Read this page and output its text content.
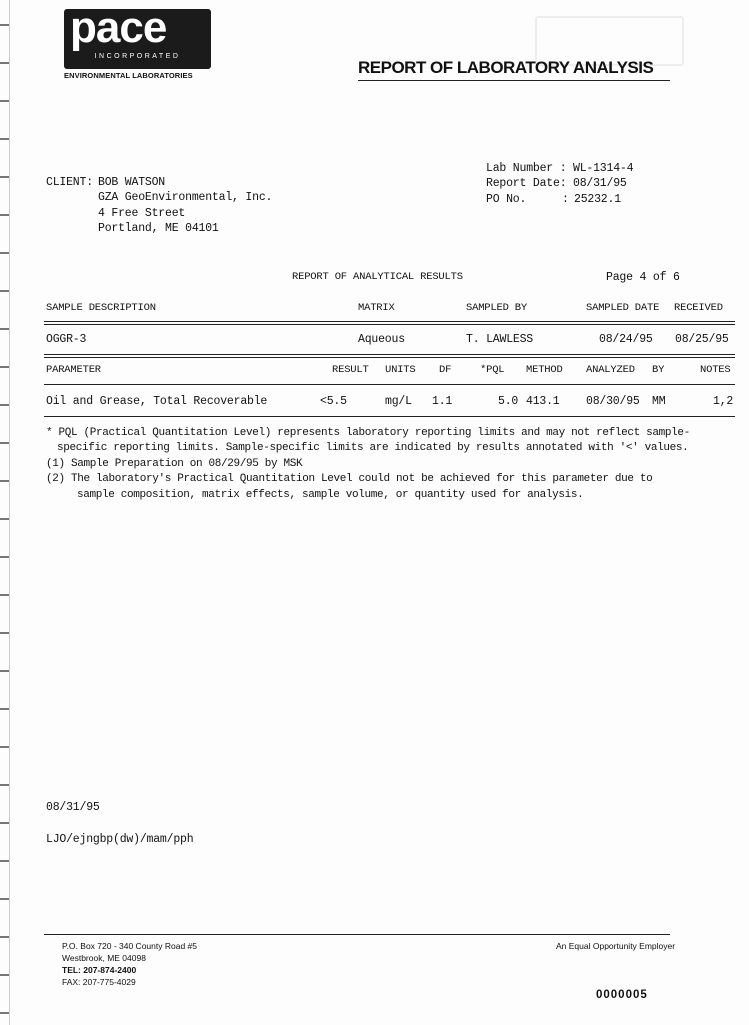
pace
INCORPORATED
ENVIRONMENTAL LABORATORIES	REPORT OF LABORATORY ANALYSIS
CLIENT: BOB WATSON
GZA GeoEnvironmental, Inc.
4 Free Street
Portland, ME 04101
Lab Number : WL-1314-4
Report Date: 08/31/95
PO No.	: 25232.1
REPORT OF ANALYTICAL RESULTS	Page 4 of 6
SAMPLE DESCRIPTION	MATRIX	SAMPLED BY	SAMPLED DATE RECEIVED
OGGR-3	Aqueous	T. LAWLESS	08/24/95 08/25/95
PARAMETER	RESULT UNITS DF	*PQL METHOD ANALYZED BY	NOTES
Oil and Grease, Total Recoverable	<5.5	mg/L 1.1	5.0 413.1 08/30/95 MM	1,2
* PQL (Practical Quantitation Level) represents laboratory reporting limits and may not reflect sample-
specific reporting limits. Sample-specific limits are indicated by results annotated with '<' values.
(1) Sample Preparation on 08/29/95 by MSK
(2) The laboratory's Practical Quantitation Level could not be achieved for this parameter due to
sample composition, matrix effects, sample volume, or quantity used for analysis.
08/31/95
LJO/ejngbp(dw)/mam/pph
P.O. Box 720 - 340 County Road #5
Westbrook, ME 04098
TEL: 207-874-2400
FAX: 207-775-4029
An Equal Opportunity Employer
0000005
